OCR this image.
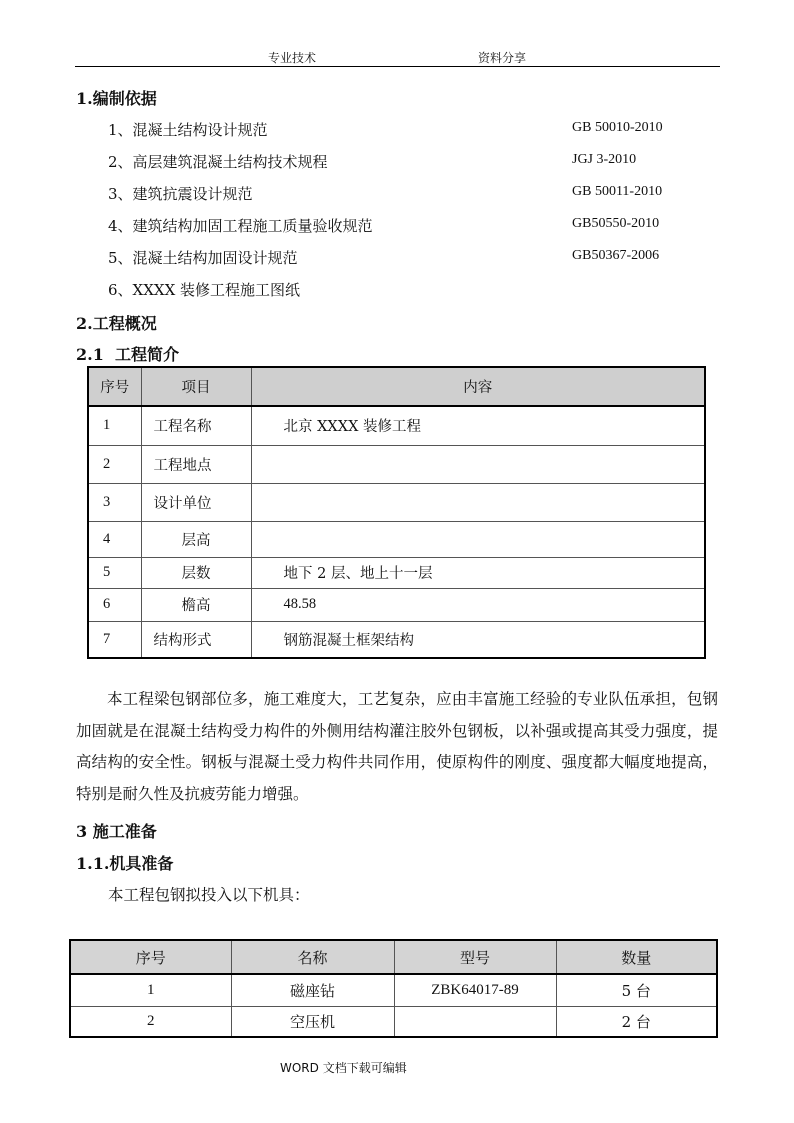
专业技术	资料分享
1.编制依据
1、混凝土结构设计规范	GB 50010-2010
2、高层建筑混凝土结构技术规程	JGJ 3-2010
3、建筑抗震设计规范	GB 50011-2010
4、建筑结构加固工程施工质量验收规范	GB50550-2010
5、混凝土结构加固设计规范	GB50367-2006
6、XXXX 装修工程施工图纸
2.工程概况
2.1  工程简介
序号	项目	内容
1	工程名称	北京 XXXX 装修工程
2	工程地点	
3	设计单位	
4	层高	
5	层数	地下 2 层、地上十一层
6	檐高	48.58
7	结构形式	钢筋混凝土框架结构

本工程梁包钢部位多，施工难度大，工艺复杂，应由丰富施工经验的专业队伍承担，包钢加固就是在混凝土结构受力构件的外侧用结构灌注胶外包钢板，以补强或提高其受力强度，提高结构的安全性。钢板与混凝土受力构件共同作用，使原构件的刚度、强度都大幅度地提高，特别是耐久性及抗疲劳能力增强。

3 施工准备
1.1.机具准备
本工程包钢拟投入以下机具：
序号	名称	型号	数量
1	磁座钻	ZBK64017-89	5 台
2	空压机		2 台
WORD 文档下载可编辑
